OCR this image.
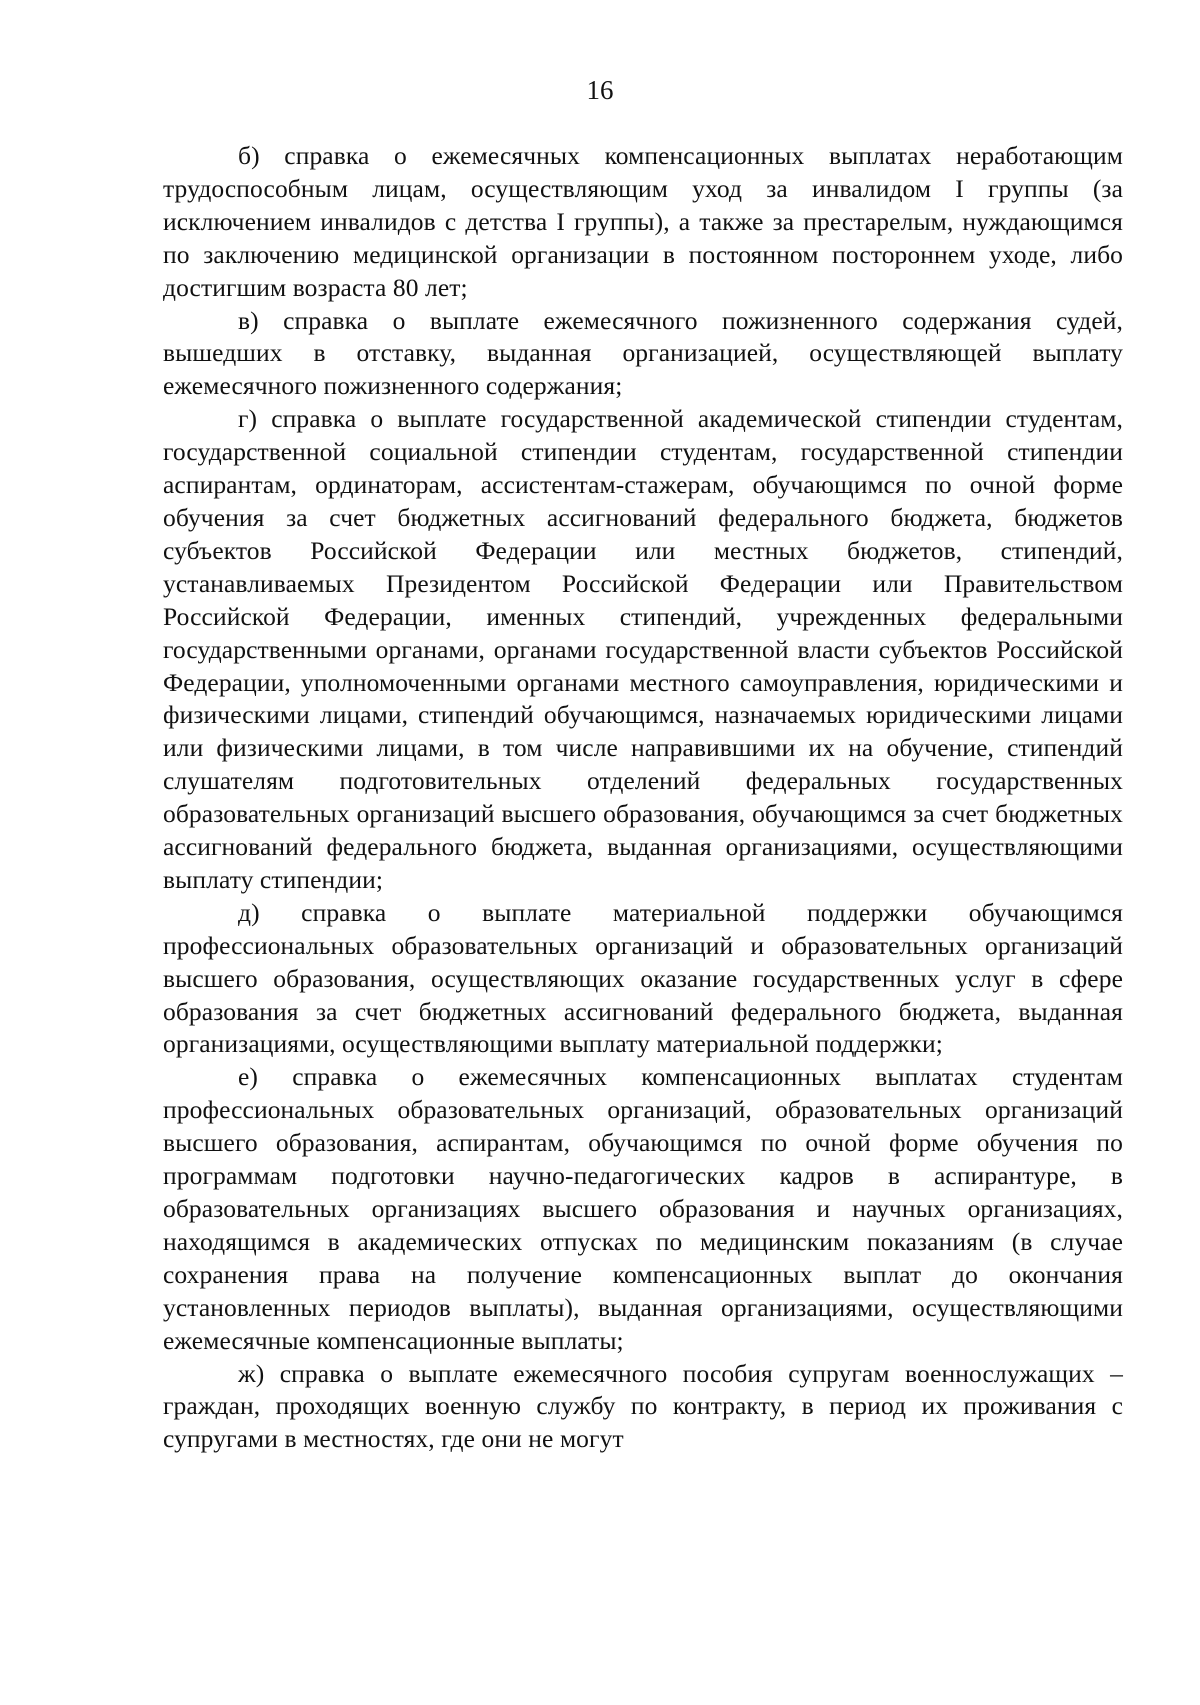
16

б) справка о ежемесячных компенсационных выплатах неработающим трудоспособным лицам, осуществляющим уход за инвалидом I группы (за исключением инвалидов с детства I группы), а также за престарелым, нуждающимся по заключению медицинской организации в постоянном постороннем уходе, либо достигшим возраста 80 лет;

в) справка о выплате ежемесячного пожизненного содержания судей, вышедших в отставку, выданная организацией, осуществляющей выплату ежемесячного пожизненного содержания;

г) справка о выплате государственной академической стипендии студентам, государственной социальной стипендии студентам, государственной стипендии аспирантам, ординаторам, ассистентам-стажерам, обучающимся по очной форме обучения за счет бюджетных ассигнований федерального бюджета, бюджетов субъектов Российской Федерации или местных бюджетов, стипендий, устанавливаемых Президентом Российской Федерации или Правительством Российской Федерации, именных стипендий, учрежденных федеральными государственными органами, органами государственной власти субъектов Российской Федерации, уполномоченными органами местного самоуправления, юридическими и физическими лицами, стипендий обучающимся, назначаемых юридическими лицами или физическими лицами, в том числе направившими их на обучение, стипендий слушателям подготовительных отделений федеральных государственных образовательных организаций высшего образования, обучающимся за счет бюджетных ассигнований федерального бюджета, выданная организациями, осуществляющими выплату стипендии;

д) справка о выплате материальной поддержки обучающимся профессиональных образовательных организаций и образовательных организаций высшего образования, осуществляющих оказание государственных услуг в сфере образования за счет бюджетных ассигнований федерального бюджета, выданная организациями, осуществляющими выплату материальной поддержки;

е) справка о ежемесячных компенсационных выплатах студентам профессиональных образовательных организаций, образовательных организаций высшего образования, аспирантам, обучающимся по очной форме обучения по программам подготовки научно-педагогических кадров в аспирантуре, в образовательных организациях высшего образования и научных организациях, находящимся в академических отпусках по медицинским показаниям (в случае сохранения права на получение компенсационных выплат до окончания установленных периодов выплаты), выданная организациями, осуществляющими ежемесячные компенсационные выплаты;

ж) справка о выплате ежемесячного пособия супругам военнослужащих – граждан, проходящих военную службу по контракту, в период их проживания с супругами в местностях, где они не могут
